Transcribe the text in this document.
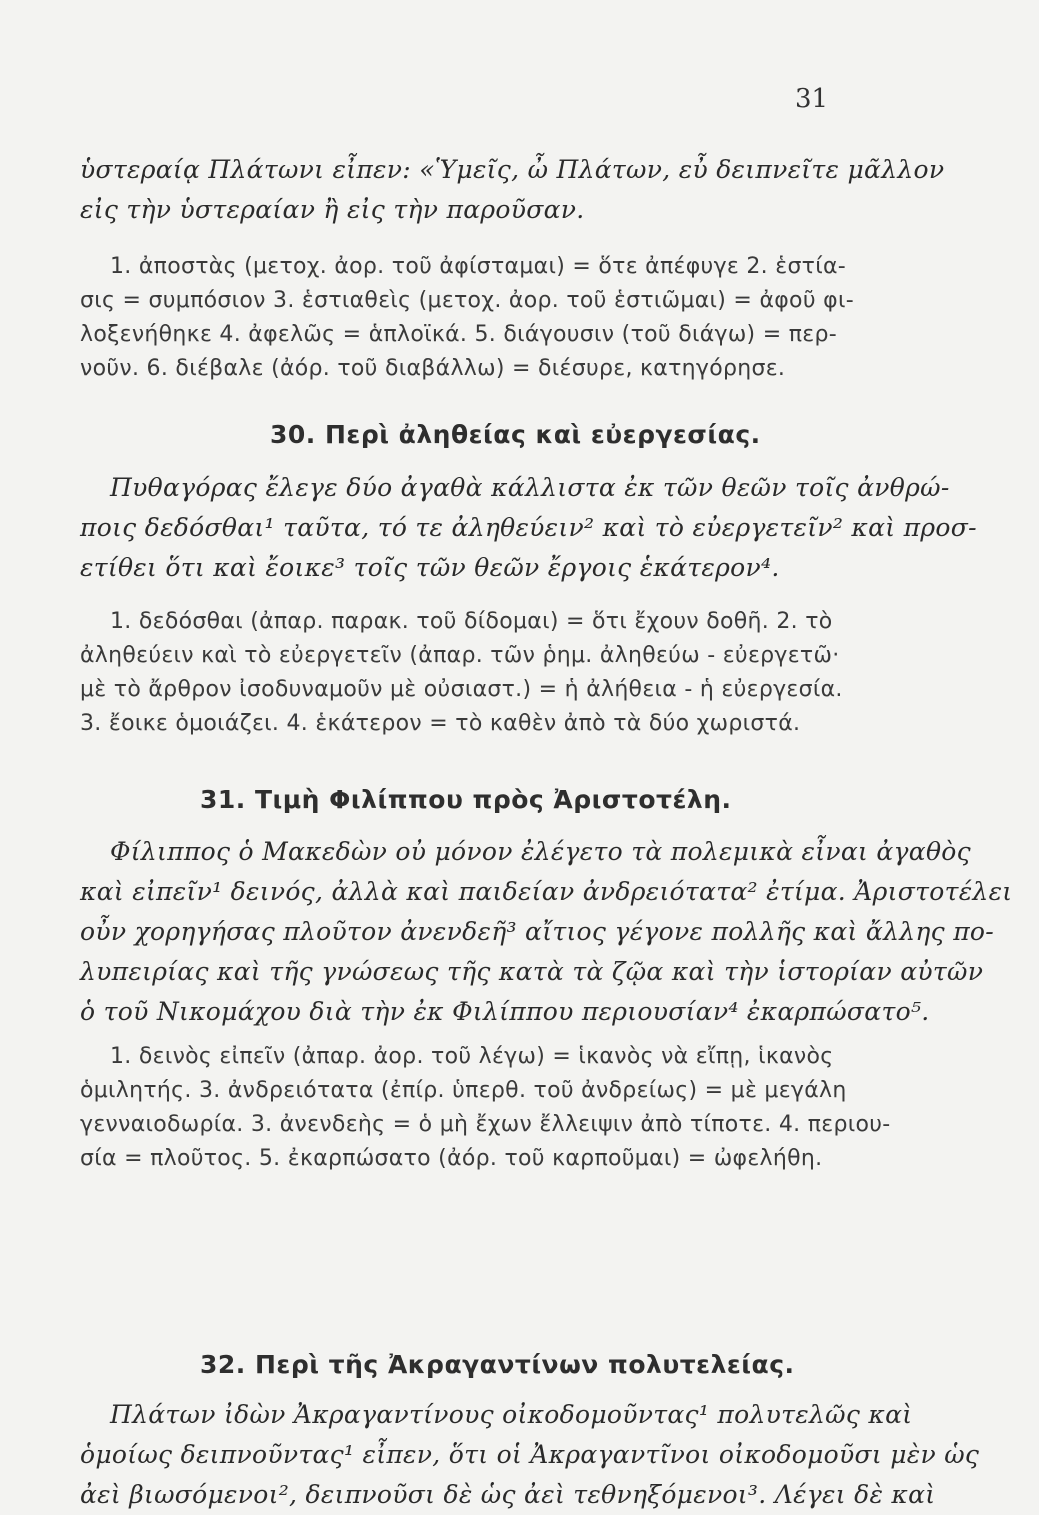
31

ὑστεραίᾳ Πλάτωνι εἶπεν: «Ὑμεῖς, ὦ Πλάτων, εὖ δειπνεῖτε μᾶλλον
εἰς τὴν ὑστεραίαν ἢ εἰς τὴν παροῦσαν.

1. ἀποστὰς (μετοχ. ἀορ. τοῦ ἀφίσταμαι) = ὅτε ἀπέφυγε 2. ἑστία-
σις = συμπόσιον 3. ἑστιαθεὶς (μετοχ. ἀορ. τοῦ ἑστιῶμαι) = ἀφοῦ φι-
λοξενήθηκε 4. ἀφελῶς = ἁπλοϊκά. 5. διάγουσιν (τοῦ διάγω) = περ-
νοῦν. 6. διέβαλε (ἀόρ. τοῦ διαβάλλω) = διέσυρε, κατηγόρησε.

30. Περὶ ἀληθείας καὶ εὐεργεσίας.

Πυθαγόρας ἔλεγε δύο ἀγαθὰ κάλλιστα ἐκ τῶν θεῶν τοῖς ἀνθρώ-
ποις δεδόσθαι¹ ταῦτα, τό τε ἀληθεύειν² καὶ τὸ εὐεργετεῖν² καὶ προσ-
ετίθει ὅτι καὶ ἔοικε³ τοῖς τῶν θεῶν ἔργοις ἑκάτερον⁴.

1. δεδόσθαι (ἀπαρ. παρακ. τοῦ δίδομαι) = ὅτι ἔχουν δοθῆ. 2. τὸ
ἀληθεύειν καὶ τὸ εὐεργετεῖν (ἀπαρ. τῶν ῥημ. ἀληθεύω - εὐεργετῶ·
μὲ τὸ ἄρθρον ἰσοδυναμοῦν μὲ οὐσιαστ.) = ἡ ἀλήθεια - ἡ εὐεργεσία.
3. ἔοικε ὁμοιάζει. 4. ἑκάτερον = τὸ καθὲν ἀπὸ τὰ δύο χωριστά.

31. Τιμὴ Φιλίππου πρὸς Ἀριστοτέλη.

Φίλιππος ὁ Μακεδὼν οὐ μόνον ἐλέγετο τὰ πολεμικὰ εἶναι ἀγαθὸς
καὶ εἰπεῖν¹ δεινός, ἀλλὰ καὶ παιδείαν ἀνδρειότατα² ἐτίμα. Ἀριστοτέλει
οὖν χορηγήσας πλοῦτον ἀνενδεῆ³ αἴτιος γέγονε πολλῆς καὶ ἄλλης πο-
λυπειρίας καὶ τῆς γνώσεως τῆς κατὰ τὰ ζῷα καὶ τὴν ἱστορίαν αὐτῶν
ὁ τοῦ Νικομάχου διὰ τὴν ἐκ Φιλίππου περιουσίαν⁴ ἐκαρπώσατο⁵.

1. δεινὸς εἰπεῖν (ἀπαρ. ἀορ. τοῦ λέγω) = ἱκανὸς νὰ εἴπῃ, ἱκανὸς
ὁμιλητής. 3. ἀνδρειότατα (ἐπίρ. ὑπερθ. τοῦ ἀνδρείως) = μὲ μεγάλη
γενναιοδωρία. 3. ἀνενδεὴς = ὁ μὴ ἔχων ἔλλειψιν ἀπὸ τίποτε. 4. περιου-
σία = πλοῦτος. 5. ἐκαρπώσατο (ἀόρ. τοῦ καρποῦμαι) = ὠφελήθη.

32. Περὶ τῆς Ἀκραγαντίνων πολυτελείας.

Πλάτων ἰδὼν Ἀκραγαντίνους οἰκοδομοῦντας¹ πολυτελῶς καὶ
ὁμοίως δειπνοῦντας¹ εἶπεν, ὅτι οἱ Ἀκραγαντῖνοι οἰκοδομοῦσι μὲν ὡς
ἀεὶ βιωσόμενοι², δειπνοῦσι δὲ ὡς ἀεὶ τεθνηξόμενοι³. Λέγει δὲ καὶ
